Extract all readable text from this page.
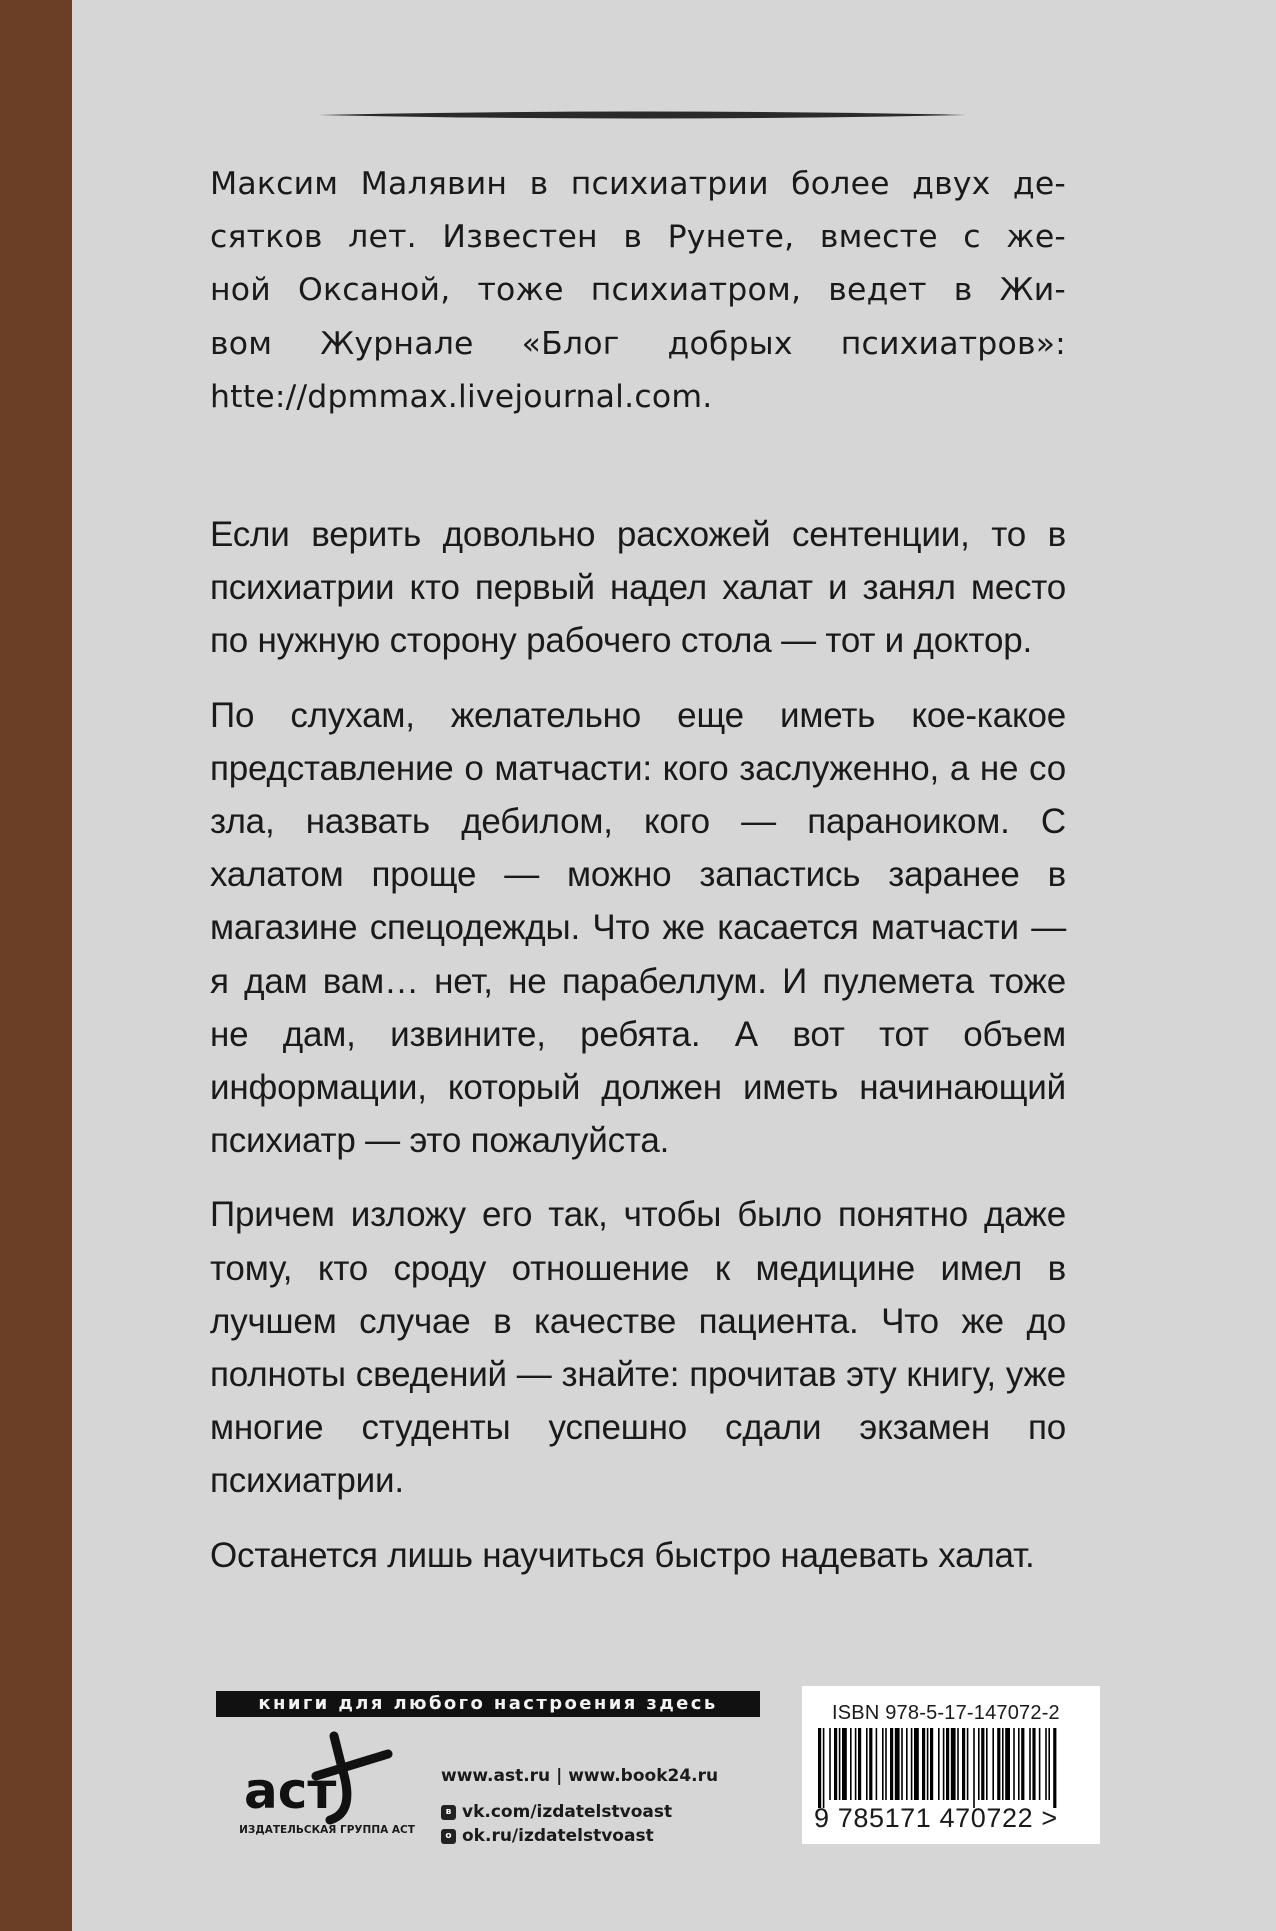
Максим Малявин в психиатрии более двух де-
сятков лет. Известен в Рунете, вместе с же-
ной Оксаной, тоже психиатром, ведет в Жи-
вом Журнале «Блог добрых психиатров»:
htte://dpmmax.livejournal.com.

Если верить довольно расхожей сентенции, то в психиатрии кто первый надел халат и занял место по нужную сторону рабочего стола — тот и доктор.

По слухам, желательно еще иметь кое-какое представление о матчасти: кого заслуженно, а не со зла, назвать дебилом, кого — параноиком. С халатом проще — можно запастись заранее в магазине спецодежды. Что же касается матчасти — я дам вам… нет, не парабеллум. И пулемета тоже не дам, извините, ребята. А вот тот объем информации, который должен иметь начинающий психиатр — это пожалуйста.

Причем изложу его так, чтобы было понятно даже тому, кто сроду отношение к медицине имел в лучшем случае в качестве пациента. Что же до полноты сведений — знайте: прочитав эту книгу, уже многие студенты успешно сдали экзамен по психиатрии.

Останется лишь научиться быстро надевать халат.

книги для любого настроения здесь
аст
ИЗДАТЕЛЬСКАЯ ГРУППА АСТ
www.ast.ru | www.book24.ru
в vk.com/izdatelstvoast
о ok.ru/izdatelstvoast
ISBN 978-5-17-147072-2
9 785171 470722 >
